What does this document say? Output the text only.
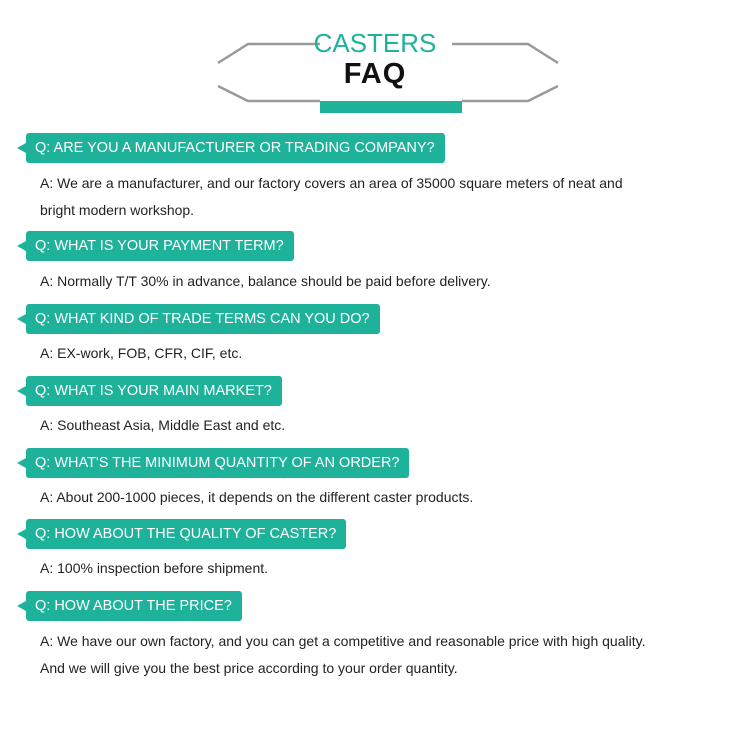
CASTERS
FAQ
Q: ARE YOU A MANUFACTURER OR TRADING COMPANY?

A: We are a manufacturer, and our factory covers an area of 35000 square meters of neat and

bright modern workshop.

Q: WHAT IS YOUR PAYMENT TERM?

A: Normally T/T 30% in advance, balance should be paid before delivery.

Q: WHAT KIND OF TRADE TERMS CAN YOU DO?

A: EX-work, FOB, CFR, CIF, etc.

Q: WHAT IS YOUR MAIN MARKET?

A: Southeast Asia, Middle East and etc.

Q: WHAT'S THE MINIMUM QUANTITY OF AN ORDER?

A: About 200-1000 pieces, it depends on the different caster products.

Q: HOW ABOUT THE QUALITY OF CASTER?

A: 100% inspection before shipment.

Q: HOW ABOUT THE PRICE?

A: We have our own factory, and you can get a competitive and reasonable price with high quality.

And we will give you the best price according to your order quantity.
